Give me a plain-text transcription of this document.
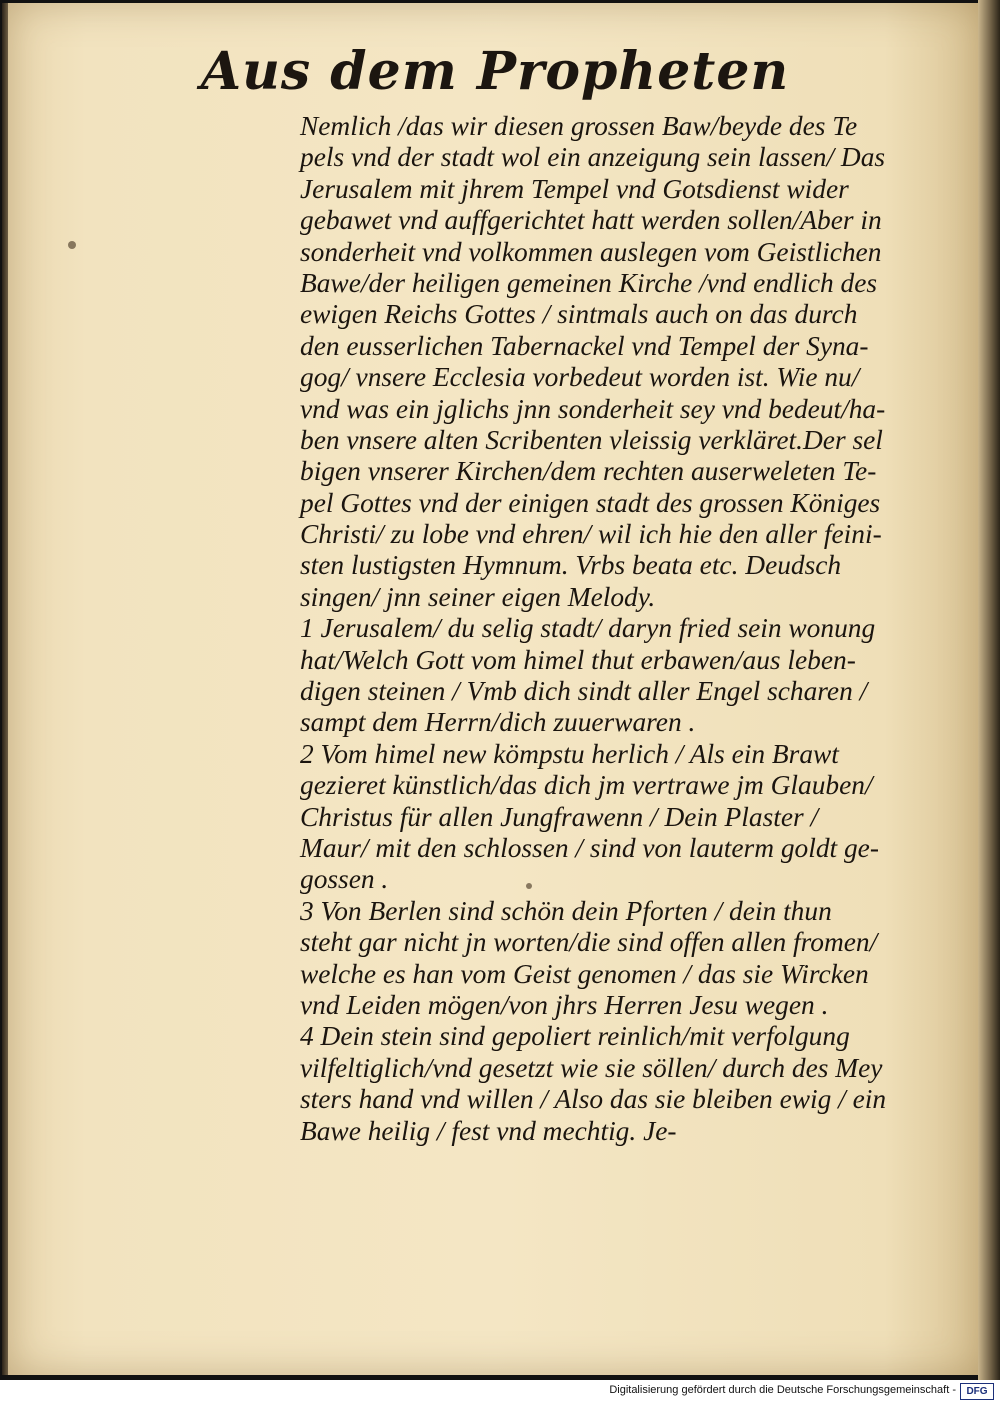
Aus dem Propheten
Nemlich /das wir diesen grossen Baw/beyde des Te
pels vnd der stadt wol ein anzeigung sein lassen/ Das
Jerusalem mit jhrem Tempel vnd Gotsdienst wider
gebawet vnd auffgerichtet hatt werden sollen/Aber in
sonderheit vnd volkommen auslegen vom Geistlichen
Bawe/der heiligen gemeinen Kirche /vnd endlich des
ewigen Reichs Gottes / sintmals auch on das durch
den eusserlichen Tabernackel vnd Tempel der Syna-
gog/ vnsere Ecclesia vorbedeut worden ist. Wie nu/
vnd was ein jglichs jnn sonderheit sey vnd bedeut/ha-
ben vnsere alten Scribenten vleissig verkläret.Der sel
bigen vnserer Kirchen/dem rechten auserweleten Te-
pel Gottes vnd der einigen stadt des grossen Königes
Christi/ zu lobe vnd ehren/ wil ich hie den aller feini-
sten lustigsten Hymnum. Vrbs beata etc. Deudsch
singen/ jnn seiner eigen Melody.
1 Jerusalem/ du selig stadt/ daryn fried sein wonung
hat/Welch Gott vom himel thut erbawen/aus leben-
digen steinen / Vmb dich sindt aller Engel scharen /
sampt dem Herrn/dich zuuerwaren .
2 Vom himel new kömpstu herlich / Als ein Brawt
gezieret künstlich/das dich jm vertrawe jm Glauben/
Christus für allen Jungfrawenn / Dein Plaster /
Maur/ mit den schlossen / sind von lauterm goldt ge-
gossen .
3 Von Berlen sind schön dein Pforten / dein thun
steht gar nicht jn worten/die sind offen allen fromen/
welche es han vom Geist genomen / das sie Wircken
vnd Leiden mögen/von jhrs Herren Jesu wegen .
4 Dein stein sind gepoliert reinlich/mit verfolgung
vilfeltiglich/vnd gesetzt wie sie söllen/ durch des Mey
sters hand vnd willen / Also das sie bleiben ewig / ein
Bawe heilig / fest vnd mechtig. Je-
Digitalisierung gefördert durch die Deutsche Forschungsgemeinschaft -	DFG
